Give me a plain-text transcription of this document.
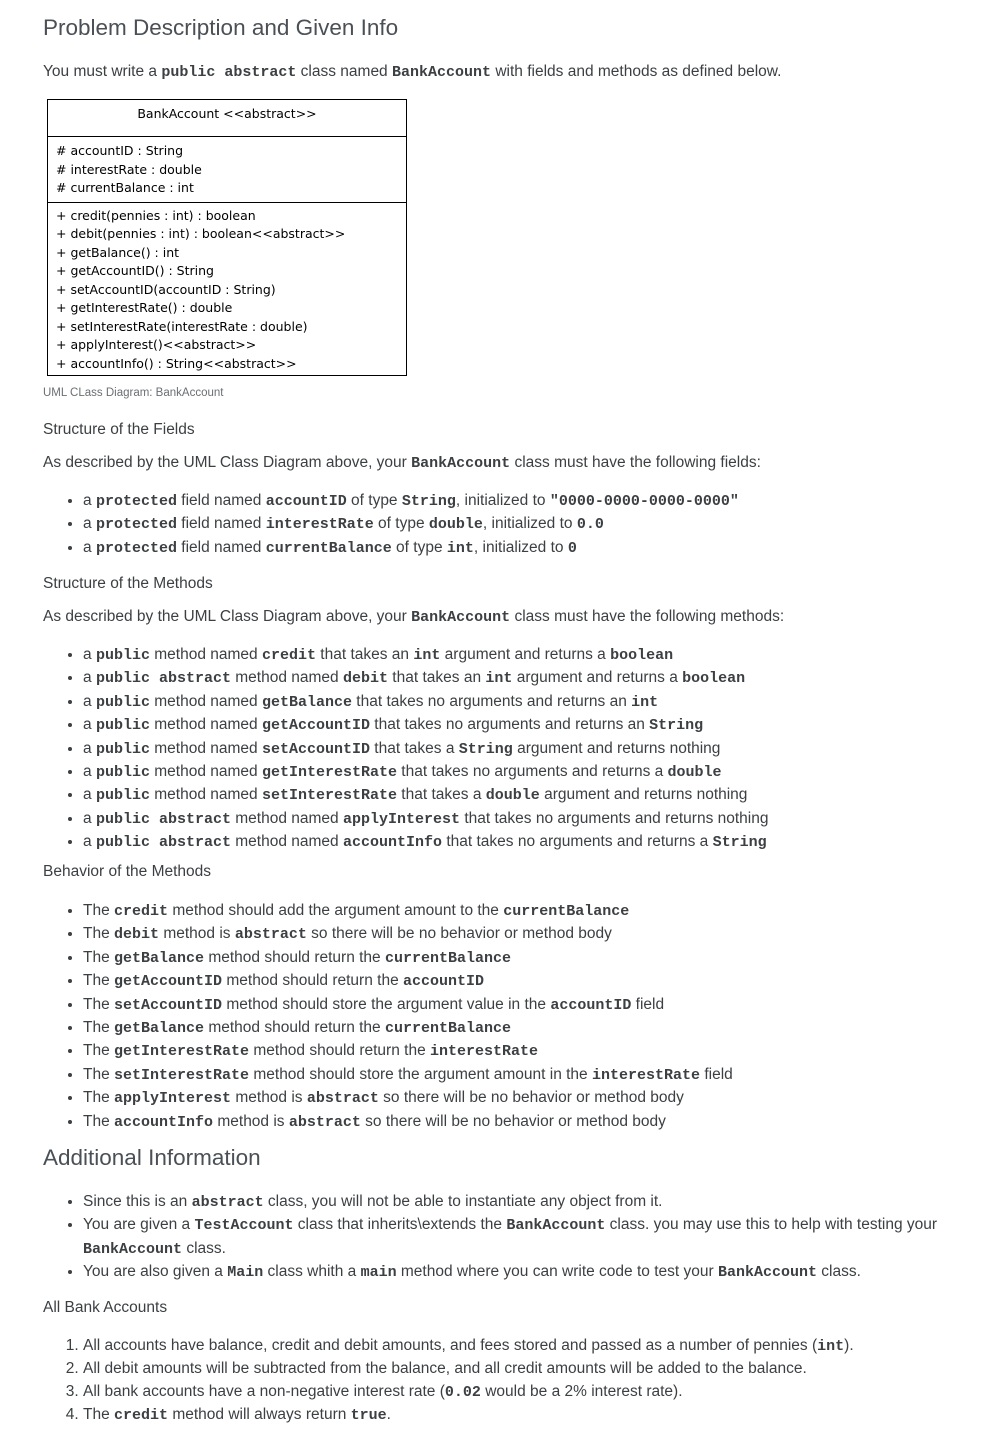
Problem Description and Given Info
You must write a public abstract class named BankAccount with fields and methods as defined below.
BankAccount <<abstract>>
# accountID : String
# interestRate : double
# currentBalance : int
+ credit(pennies : int) : boolean
+ debit(pennies : int) : boolean<<abstract>>
+ getBalance() : int
+ getAccountID() : String
+ setAccountID(accountID : String)
+ getInterestRate() : double
+ setInterestRate(interestRate : double)
+ applyInterest()<<abstract>>
+ accountInfo() : String<<abstract>>
UML CLass Diagram: BankAccount
Structure of the Fields
As described by the UML Class Diagram above, your BankAccount class must have the following fields:
• a protected field named accountID of type String, initialized to "0000-0000-0000-0000"
• a protected field named interestRate of type double, initialized to 0.0
• a protected field named currentBalance of type int, initialized to 0
Structure of the Methods
As described by the UML Class Diagram above, your BankAccount class must have the following methods:
• a public method named credit that takes an int argument and returns a boolean
• a public abstract method named debit that takes an int argument and returns a boolean
• a public method named getBalance that takes no arguments and returns an int
• a public method named getAccountID that takes no arguments and returns an String
• a public method named setAccountID that takes a String argument and returns nothing
• a public method named getInterestRate that takes no arguments and returns a double
• a public method named setInterestRate that takes a double argument and returns nothing
• a public abstract method named applyInterest that takes no arguments and returns nothing
• a public abstract method named accountInfo that takes no arguments and returns a String
Behavior of the Methods
• The credit method should add the argument amount to the currentBalance
• The debit method is abstract so there will be no behavior or method body
• The getBalance method should return the currentBalance
• The getAccountID method should return the accountID
• The setAccountID method should store the argument value in the accountID field
• The getBalance method should return the currentBalance
• The getInterestRate method should return the interestRate
• The setInterestRate method should store the argument amount in the interestRate field
• The applyInterest method is abstract so there will be no behavior or method body
• The accountInfo method is abstract so there will be no behavior or method body
Additional Information
• Since this is an abstract class, you will not be able to instantiate any object from it.
• You are given a TestAccount class that inherits\extends the BankAccount class. you may use this to help with testing your BankAccount class.
• You are also given a Main class whith a main method where you can write code to test your BankAccount class.
All Bank Accounts
1. All accounts have balance, credit and debit amounts, and fees stored and passed as a number of pennies (int).
2. All debit amounts will be subtracted from the balance, and all credit amounts will be added to the balance.
3. All bank accounts have a non-negative interest rate (0.02 would be a 2% interest rate).
4. The credit method will always return true.
